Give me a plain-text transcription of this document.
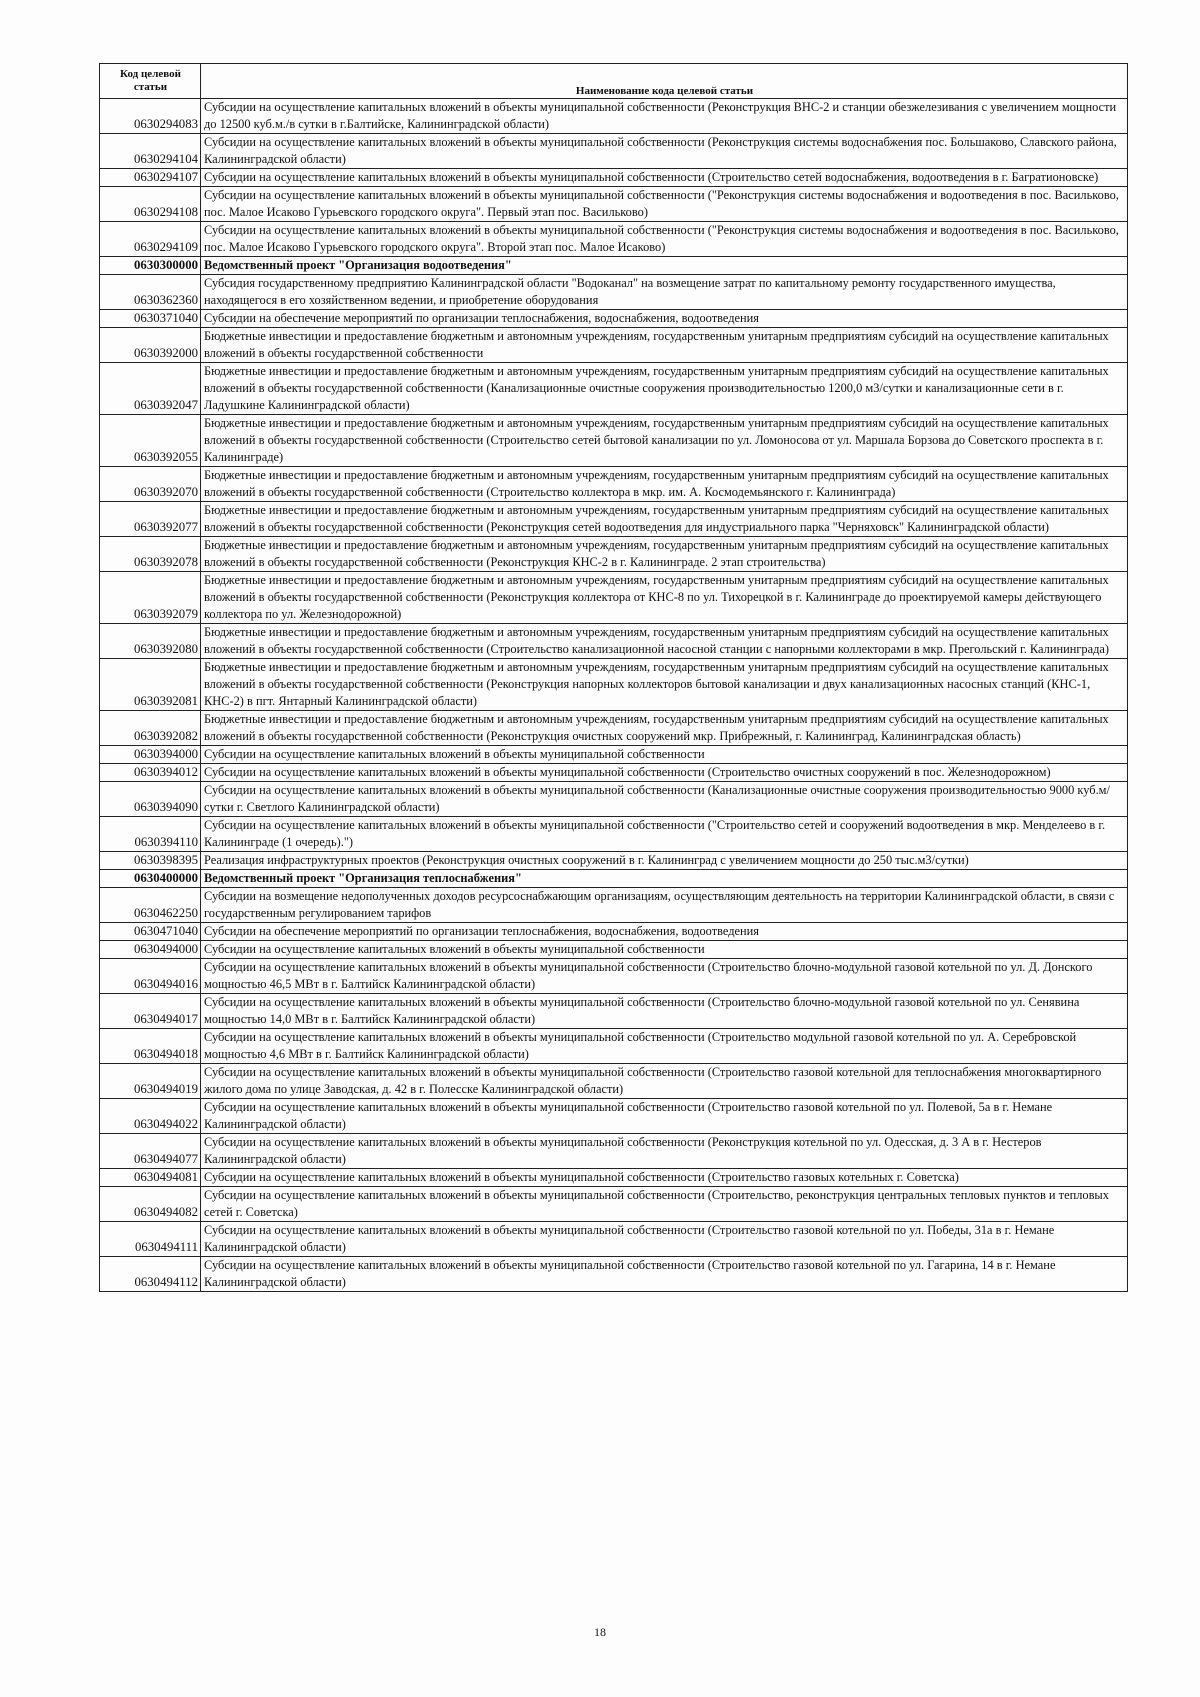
Код целевой статьи	Наименование кода целевой статьи
0630294083	Субсидии на осуществление капитальных вложений в объекты муниципальной собственности (Реконструкция ВНС-2 и станции обезжелезивания с увеличением мощности до 12500 куб.м./в сутки в г.Балтийске, Калининградской области)
0630294104	Субсидии на осуществление капитальных вложений в объекты муниципальной собственности (Реконструкция системы водоснабжения пос. Большаково, Славского района, Калининградской области)
0630294107	Субсидии на осуществление капитальных вложений в объекты муниципальной собственности (Строительство сетей водоснабжения, водоотведения в г. Багратионовске)
0630294108	Субсидии на осуществление капитальных вложений в объекты муниципальной собственности ("Реконструкция системы водоснабжения и водоотведения в пос. Васильково, пос. Малое Исаково Гурьевского городского округа". Первый этап пос. Васильково)
0630294109	Субсидии на осуществление капитальных вложений в объекты муниципальной собственности ("Реконструкция системы водоснабжения и водоотведения в пос. Васильково, пос. Малое Исаково Гурьевского городского округа". Второй этап пос. Малое Исаково)
0630300000	Ведомственный проект "Организация водоотведения"
0630362360	Субсидия государственному предприятию Калининградской области "Водоканал" на возмещение затрат по капитальному ремонту государственного имущества, находящегося в его хозяйственном ведении, и приобретение оборудования
0630371040	Субсидии на обеспечение мероприятий по организации теплоснабжения, водоснабжения, водоотведения
0630392000	Бюджетные инвестиции и предоставление бюджетным и автономным учреждениям, государственным унитарным предприятиям субсидий на осуществление капитальных вложений в объекты государственной собственности
0630392047	Бюджетные инвестиции и предоставление бюджетным и автономным учреждениям, государственным унитарным предприятиям субсидий на осуществление капитальных вложений в объекты государственной собственности (Канализационные очистные сооружения производительностью 1200,0 м3/сутки и канализационные сети в г. Ладушкине Калининградской области)
0630392055	Бюджетные инвестиции и предоставление бюджетным и автономным учреждениям, государственным унитарным предприятиям субсидий на осуществление капитальных вложений в объекты государственной собственности (Строительство сетей бытовой канализации по ул. Ломоносова от ул. Маршала Борзова до Советского проспекта в г. Калининграде)
0630392070	Бюджетные инвестиции и предоставление бюджетным и автономным учреждениям, государственным унитарным предприятиям субсидий на осуществление капитальных вложений в объекты государственной собственности (Строительство коллектора в мкр. им. А. Космодемьянского г. Калининграда)
0630392077	Бюджетные инвестиции и предоставление бюджетным и автономным учреждениям, государственным унитарным предприятиям субсидий на осуществление капитальных вложений в объекты государственной собственности (Реконструкция сетей водоотведения для индустриального парка "Черняховск" Калининградской области)
0630392078	Бюджетные инвестиции и предоставление бюджетным и автономным учреждениям, государственным унитарным предприятиям субсидий на осуществление капитальных вложений в объекты государственной собственности (Реконструкция КНС-2 в г. Калининграде. 2 этап строительства)
0630392079	Бюджетные инвестиции и предоставление бюджетным и автономным учреждениям, государственным унитарным предприятиям субсидий на осуществление капитальных вложений в объекты государственной собственности (Реконструкция коллектора от КНС-8 по ул. Тихорецкой в г. Калининграде до проектируемой камеры действующего коллектора по ул. Железнодорожной)
0630392080	Бюджетные инвестиции и предоставление бюджетным и автономным учреждениям, государственным унитарным предприятиям субсидий на осуществление капитальных вложений в объекты государственной собственности (Строительство канализационной насосной станции с напорными коллекторами в мкр. Прегольский г. Калининграда)
0630392081	Бюджетные инвестиции и предоставление бюджетным и автономным учреждениям, государственным унитарным предприятиям субсидий на осуществление капитальных вложений в объекты государственной собственности (Реконструкция напорных коллекторов бытовой канализации и двух канализационных насосных станций (КНС-1, КНС-2) в пгт. Янтарный Калининградской области)
0630392082	Бюджетные инвестиции и предоставление бюджетным и автономным учреждениям, государственным унитарным предприятиям субсидий на осуществление капитальных вложений в объекты государственной собственности (Реконструкция очистных сооружений мкр. Прибрежный, г. Калининград, Калининградская область)
0630394000	Субсидии на осуществление капитальных вложений в объекты муниципальной собственности
0630394012	Субсидии на осуществление капитальных вложений в объекты муниципальной собственности (Строительство очистных сооружений в пос. Железнодорожном)
0630394090	Субсидии на осуществление капитальных вложений в объекты муниципальной собственности (Канализационные очистные сооружения производительностью 9000 куб.м/сутки г. Светлого Калининградской области)
0630394110	Субсидии на осуществление капитальных вложений в объекты муниципальной собственности ("Строительство сетей и сооружений водоотведения в мкр. Менделеево в г. Калининграде (1 очередь).")
0630398395	Реализация инфраструктурных проектов (Реконструкция очистных сооружений в г. Калининград с увеличением мощности до 250 тыс.м3/сутки)
0630400000	Ведомственный проект "Организация теплоснабжения"
0630462250	Субсидии на возмещение недополученных доходов ресурсоснабжающим организациям, осуществляющим деятельность на территории Калининградской области, в связи с государственным регулированием тарифов
0630471040	Субсидии на обеспечение мероприятий по организации теплоснабжения, водоснабжения, водоотведения
0630494000	Субсидии на осуществление капитальных вложений в объекты муниципальной собственности
0630494016	Субсидии на осуществление капитальных вложений в объекты муниципальной собственности (Строительство блочно-модульной газовой котельной по ул. Д. Донского мощностью 46,5 МВт в г. Балтийск Калининградской области)
0630494017	Субсидии на осуществление капитальных вложений в объекты муниципальной собственности (Строительство блочно-модульной газовой котельной по ул. Сенявина мощностью 14,0 МВт в г. Балтийск Калининградской области)
0630494018	Субсидии на осуществление капитальных вложений в объекты муниципальной собственности (Строительство модульной газовой котельной по ул. А. Серебровской мощностью 4,6 МВт в г. Балтийск Калининградской области)
0630494019	Субсидии на осуществление капитальных вложений в объекты муниципальной собственности (Строительство газовой котельной для теплоснабжения многоквартирного жилого дома по улице Заводская, д. 42 в г. Полесске Калининградской области)
0630494022	Субсидии на осуществление капитальных вложений в объекты муниципальной собственности (Строительство газовой котельной по ул. Полевой, 5а в г. Немане Калининградской области)
0630494077	Субсидии на осуществление капитальных вложений в объекты муниципальной собственности (Реконструкция котельной по ул. Одесская, д. 3 А в г. Нестеров Калининградской области)
0630494081	Субсидии на осуществление капитальных вложений в объекты муниципальной собственности (Строительство газовых котельных г. Советска)
0630494082	Субсидии на осуществление капитальных вложений в объекты муниципальной собственности (Строительство, реконструкция центральных тепловых пунктов и тепловых сетей г. Советска)
0630494111	Субсидии на осуществление капитальных вложений в объекты муниципальной собственности (Строительство газовой котельной по ул. Победы, 31а в г. Немане Калининградской области)
0630494112	Субсидии на осуществление капитальных вложений в объекты муниципальной собственности (Строительство газовой котельной по ул. Гагарина, 14 в г. Немане Калининградской области)
18
